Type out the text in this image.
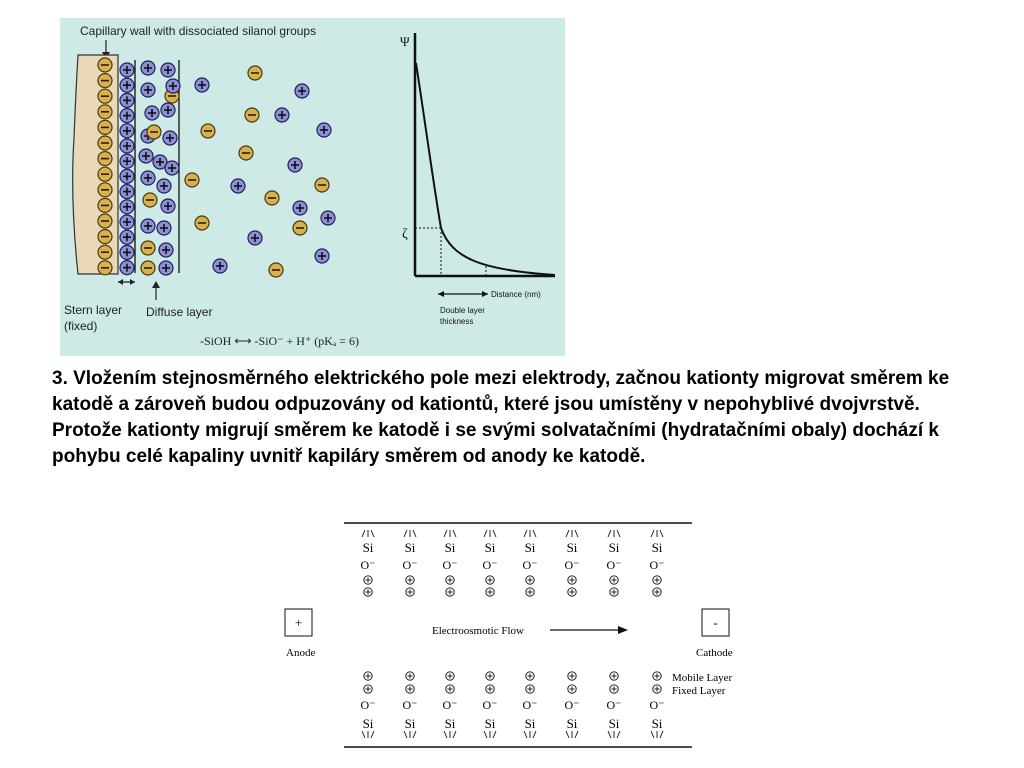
Capillary wall with dissociated silanol groups
Stern layer
(fixed)
Diffuse layer
-SiOH ⟷ -SiO⁻ + H⁺ (pKₐ = 6)
Ψ
ζ
Distance (nm)
Double layer
thickness

3. Vložením stejnosměrného elektrického pole mezi elektrody, začnou kationty migrovat směrem ke katodě a zároveň budou odpuzovány od kationtů, které jsou umístěny v nepohyblivé dvojvrstvě. Protože kationty migrují směrem ke katodě i se svými solvatačními (hydratačními obaly) dochází k pohybu celé kapaliny uvnitř kapiláry směrem od anody ke katodě.

Si
O⁻
Si
O⁻
Si
O⁻
Si
O⁻
Si
O⁻
Si
O⁻
Si
O⁻
Si
O⁻
O⁻
Si
O⁻
Si
O⁻
Si
O⁻
Si
O⁻
Si
O⁻
Si
O⁻
Si
O⁻
Si
+
Anode
Electroosmotic Flow
-
Cathode
Mobile Layer
Fixed Layer
